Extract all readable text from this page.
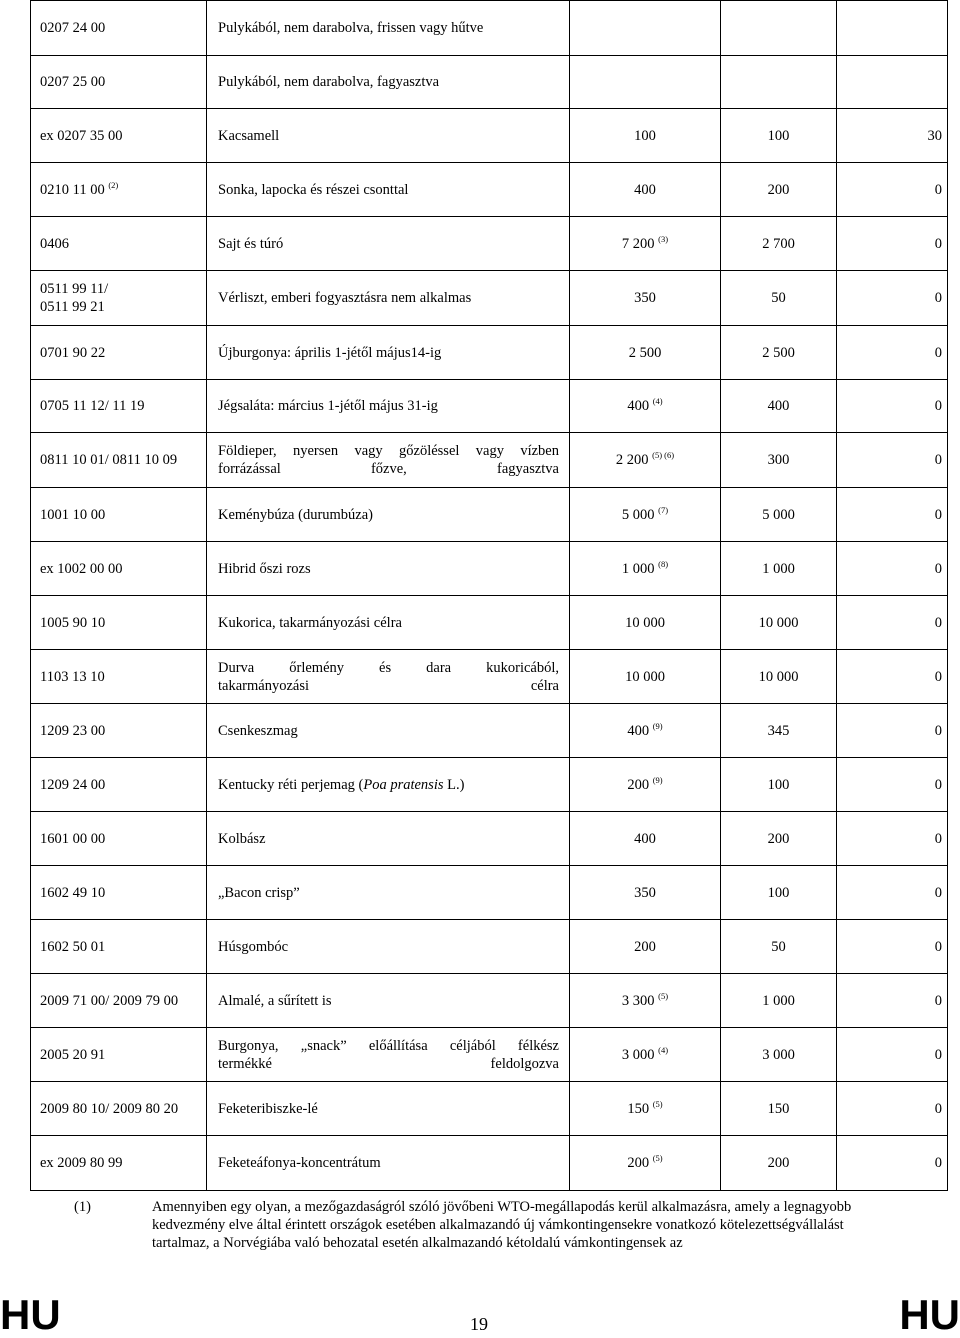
0207 24 00	Pulykából, nem darabolva, frissen vagy hűtve			
0207 25 00	Pulykából, nem darabolva, fagyasztva			
ex 0207 35 00	Kacsamell	100	100	30
0210 11 00 $^{(2)}$	Sonka, lapocka és részei csonttal	400	200	0
0406	Sajt és túró	7 200 $^{(3)}$	2 700	0

0511 99 11/
0511 99 21	Vérliszt, emberi fogyasztásra nem alkalmas	350	50	0
0701 90 22	Újburgonya: április 1-jétől május14-ig	2 500	2 500	0
0705 11 12/ 11 19	Jégsaláta: március 1-jétől május 31-ig	400 $^{(4)}$	400	0
0811 10 01/ 0811 10 09	Földieper, nyersen vagy gőzöléssel vagy vízben
forrázással főzve, fagyasztva	2 200 $^{(5) (6)}$	300	0
1001 10 00	Keménybúza (durumbúza)	5 000 $^{(7)}$	5 000	0
ex 1002 00 00	Hibrid őszi rozs	1 000 $^{(8)}$	1 000	0
1005 90 10	Kukorica, takarmányozási célra	10 000	10 000	0
1103 13 10	Durva őrlemény és dara kukoricából,
takarmányozási célra	10 000	10 000	0
1209 23 00	Csenkeszmag	400 $^{(9)}$	345	0
1209 24 00	Kentucky réti perjemag (Poa pratensis L.)	200 $^{(9)}$	100	0
1601 00 00	Kolbász	400	200	0
1602 49 10	„Bacon crisp”	350	100	0
1602 50 01	Húsgombóc	200	50	0
2009 71 00/ 2009 79 00	Almalé, a sűrített is	3 300 $^{(5)}$	1 000	0
2005 20 91	Burgonya, „snack” előállítása céljából félkész
termékké feldolgozva	3 000 $^{(4)}$	3 000	0
2009 80 10/ 2009 80 20	Feketeribiszke-lé	150 $^{(5)}$	150	0
ex 2009 80 99	Feketeáfonya-koncentrátum	200 $^{(5)}$	200	0
(1)	Amennyiben egy olyan, a mezőgazdaságról szóló jövőbeni WTO-megállapodás kerül alkalmazásra, amely a legnagyobb kedvezmény elve által érintett országok esetében alkalmazandó új vámkontingensekre vonatkozó kötelezettségvállalást tartalmaz, a Norvégiába való behozatal esetén alkalmazandó kétoldalú vámkontingensek az
HU	19	HU
